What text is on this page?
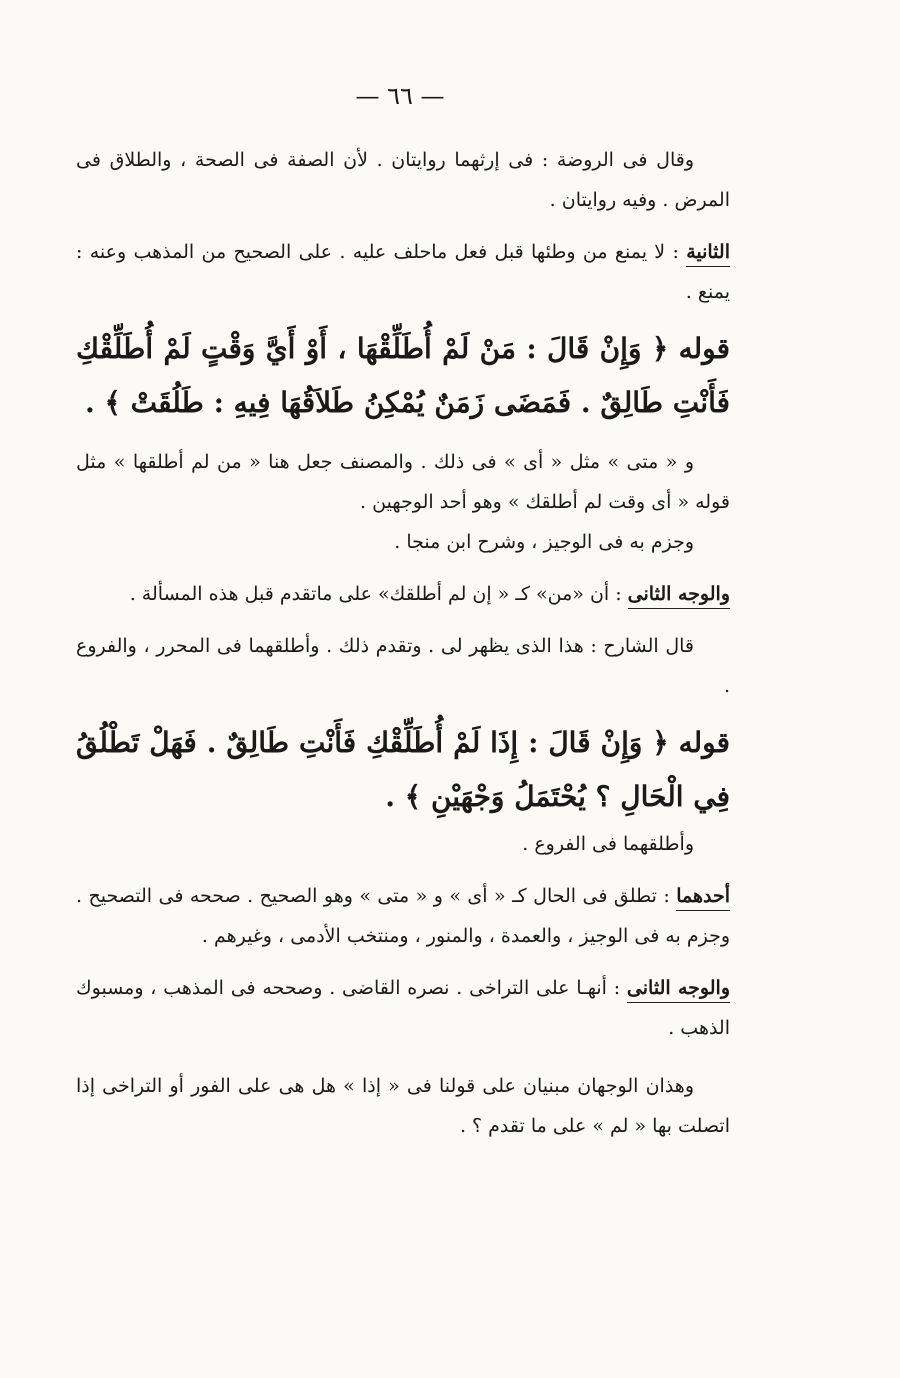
— ٦٦ —

وقال فى الروضة : فى إرثهما روايتان . لأن الصفة فى الصحة ، والطلاق فى المرض . وفيه روايتان .

الثانية : لا يمنع من وطئها قبل فعل ماحلف عليه . على الصحيح من المذهب وعنه : يمنع .

قوله ﴿ وَإِنْ قَالَ : مَنْ لَمْ أُطَلِّقْهَا ، أَوْ أَيَّ وَقْتٍ لَمْ أُطَلِّقْكِ فَأَنْتِ طَالِقٌ . فَمَضَى زَمَنٌ يُمْكِنُ طَلاَقُهَا فِيهِ : طَلُقَتْ ﴾ .

و « متى » مثل « أى » فى ذلك . والمصنف جعل هنا « من لم أطلقها » مثل قوله « أى وقت لم أطلقك » وهو أحد الوجهين .

وجزم به فى الوجيز ، وشرح ابن منجا .

والوجه الثانى : أن «من» كـ « إن لم أطلقك» على ماتقدم قبل هذه المسألة .

قال الشارح : هذا الذى يظهر لى . وتقدم ذلك . وأطلقهما فى المحرر ، والفروع .

قوله ﴿ وَإِنْ قَالَ : إِذَا لَمْ أُطَلِّقْكِ فَأَنْتِ طَالِقٌ . فَهَلْ تَطْلُقُ فِي الْحَالِ ؟ يُحْتَمَلُ وَجْهَيْنِ ﴾ .

وأطلقهما فى الفروع .

أحدهما : تطلق فى الحال كـ « أى » و « متى » وهو الصحيح . صححه فى التصحيح . وجزم به فى الوجيز ، والعمدة ، والمنور ، ومنتخب الأدمى ، وغيرهم .

والوجه الثانى : أنهـا على التراخى . نصره القاضى . وصححه فى المذهب ، ومسبوك الذهب .

وهذان الوجهان مبنيان على قولنا فى « إذا » هل هى على الفور أو التراخى إذا اتصلت بها « لم » على ما تقدم ؟ .
